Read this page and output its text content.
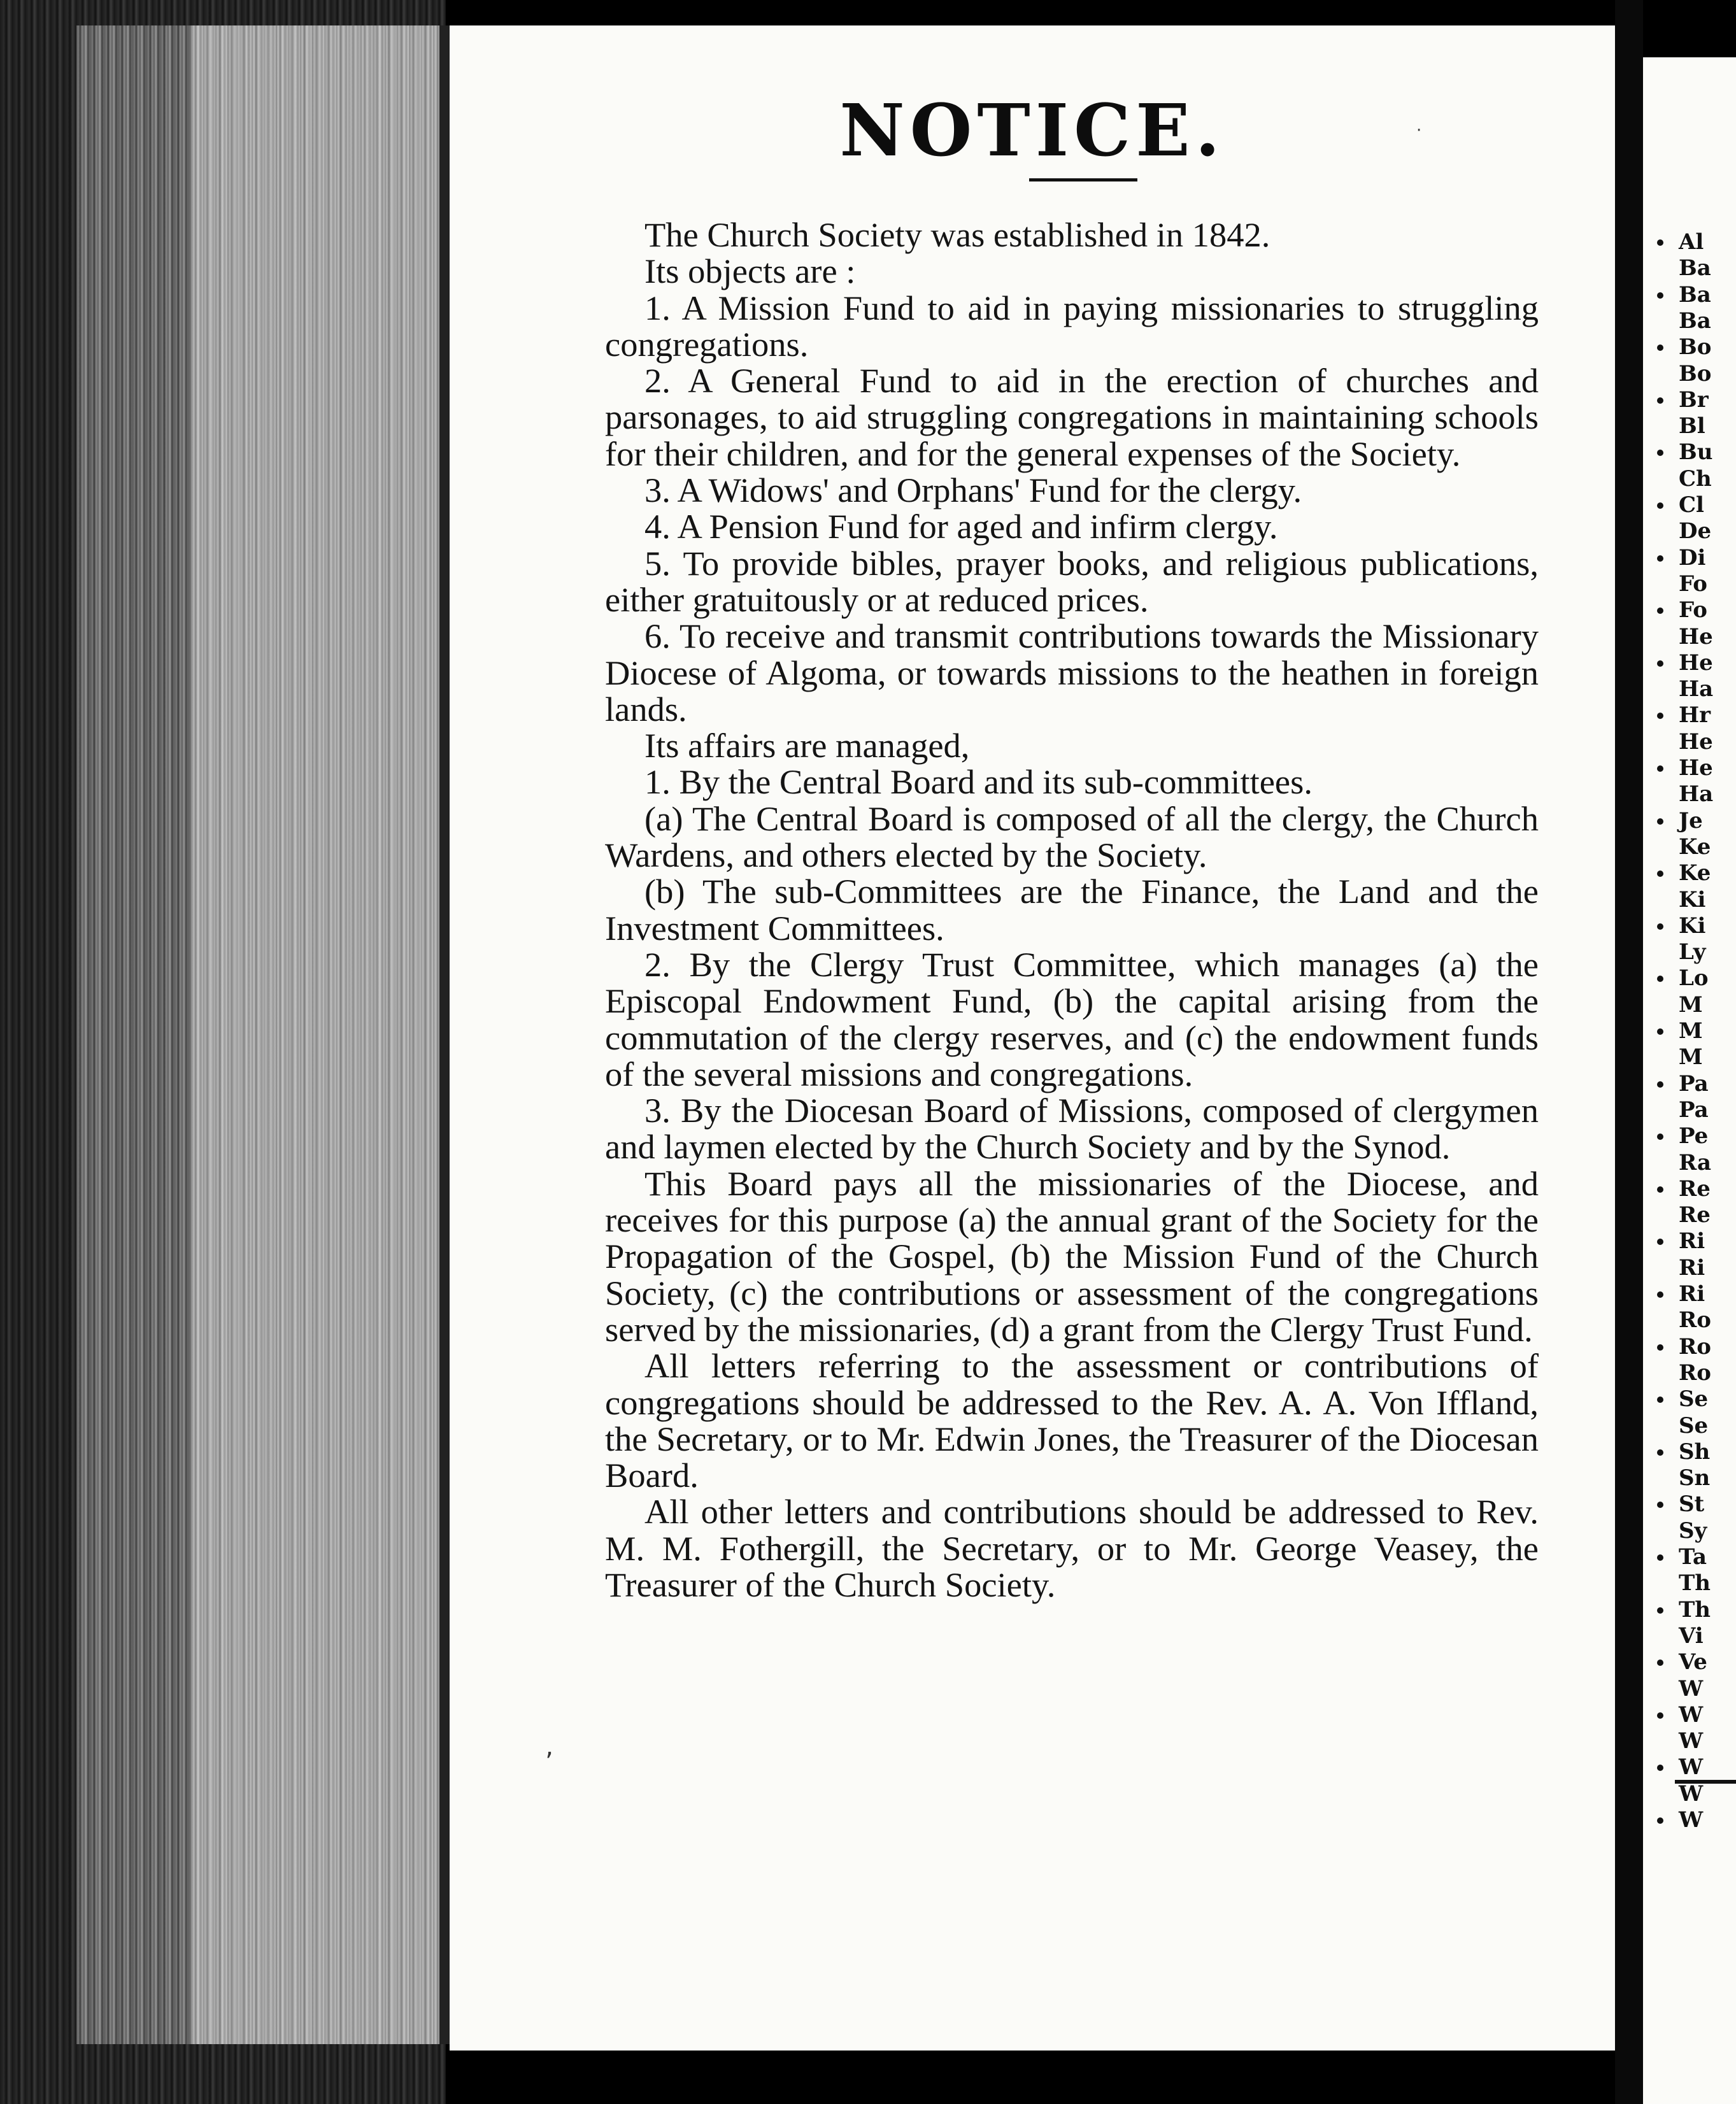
NOTICE.

The Church Society was established in 1842.

Its objects are :

1. A Mission Fund to aid in paying missionaries to struggling congregations.

2. A General Fund to aid in the erection of churches and parsonages, to aid struggling congregations in maintaining schools for their children, and for the general expenses of the Society.

3. A Widows' and Orphans' Fund for the clergy.

4. A Pension Fund for aged and infirm clergy.

5. To provide bibles, prayer books, and religious publications, either gratuitously or at reduced prices.

6. To receive and transmit contributions towards the Missionary Diocese of Algoma, or towards missions to the heathen in foreign lands.

Its affairs are managed,

1. By the Central Board and its sub-committees.

(a) The Central Board is composed of all the clergy, the Church Wardens, and others elected by the Society.

(b) The sub-Committees are the Finance, the Land and the Investment Committees.

2. By the Clergy Trust Committee, which manages (a) the Episcopal Endowment Fund, (b) the capital arising from the commutation of the clergy reserves, and (c) the endowment funds of the several missions and congregations.

3. By the Diocesan Board of Missions, composed of clergymen and laymen elected by the Church Society and by the Synod.

This Board pays all the missionaries of the Diocese, and receives for this purpose (a) the annual grant of the Society for the Propagation of the Gospel, (b) the Mission Fund of the Church Society, (c) the contributions or assessment of the congregations served by the missionaries, (d) a grant from the Clergy Trust Fund.

All letters referring to the assessment or contributions of congregations should be addressed to the Rev. A. A. Von Iffland, the Secretary, or to Mr. Edwin Jones, the Treasurer of the Diocesan Board.

All other letters and contributions should be addressed to Rev. M. M. Fothergill, the Secretary, or to Mr. George Veasey, the Treasurer of the Church Society.

·
‚
Al
Ba
Ba
Ba
Bo
Bo
Br
Bl
Bu
Ch
Cl
De
Di
Fo
Fo
He
He
Ha
Hr
He
He
Ha
Je
Ke
Ke
Ki
Ki
Ly
Lo
M
M
M
Pa
Pa
Pe
Ra
Re
Re
Ri
Ri
Ri
Ro
Ro
Ro
Se
Se
Sh
Sn
St
Sy
Ta
Th
Th
Vi
Ve
W
W
W
W
W
W
